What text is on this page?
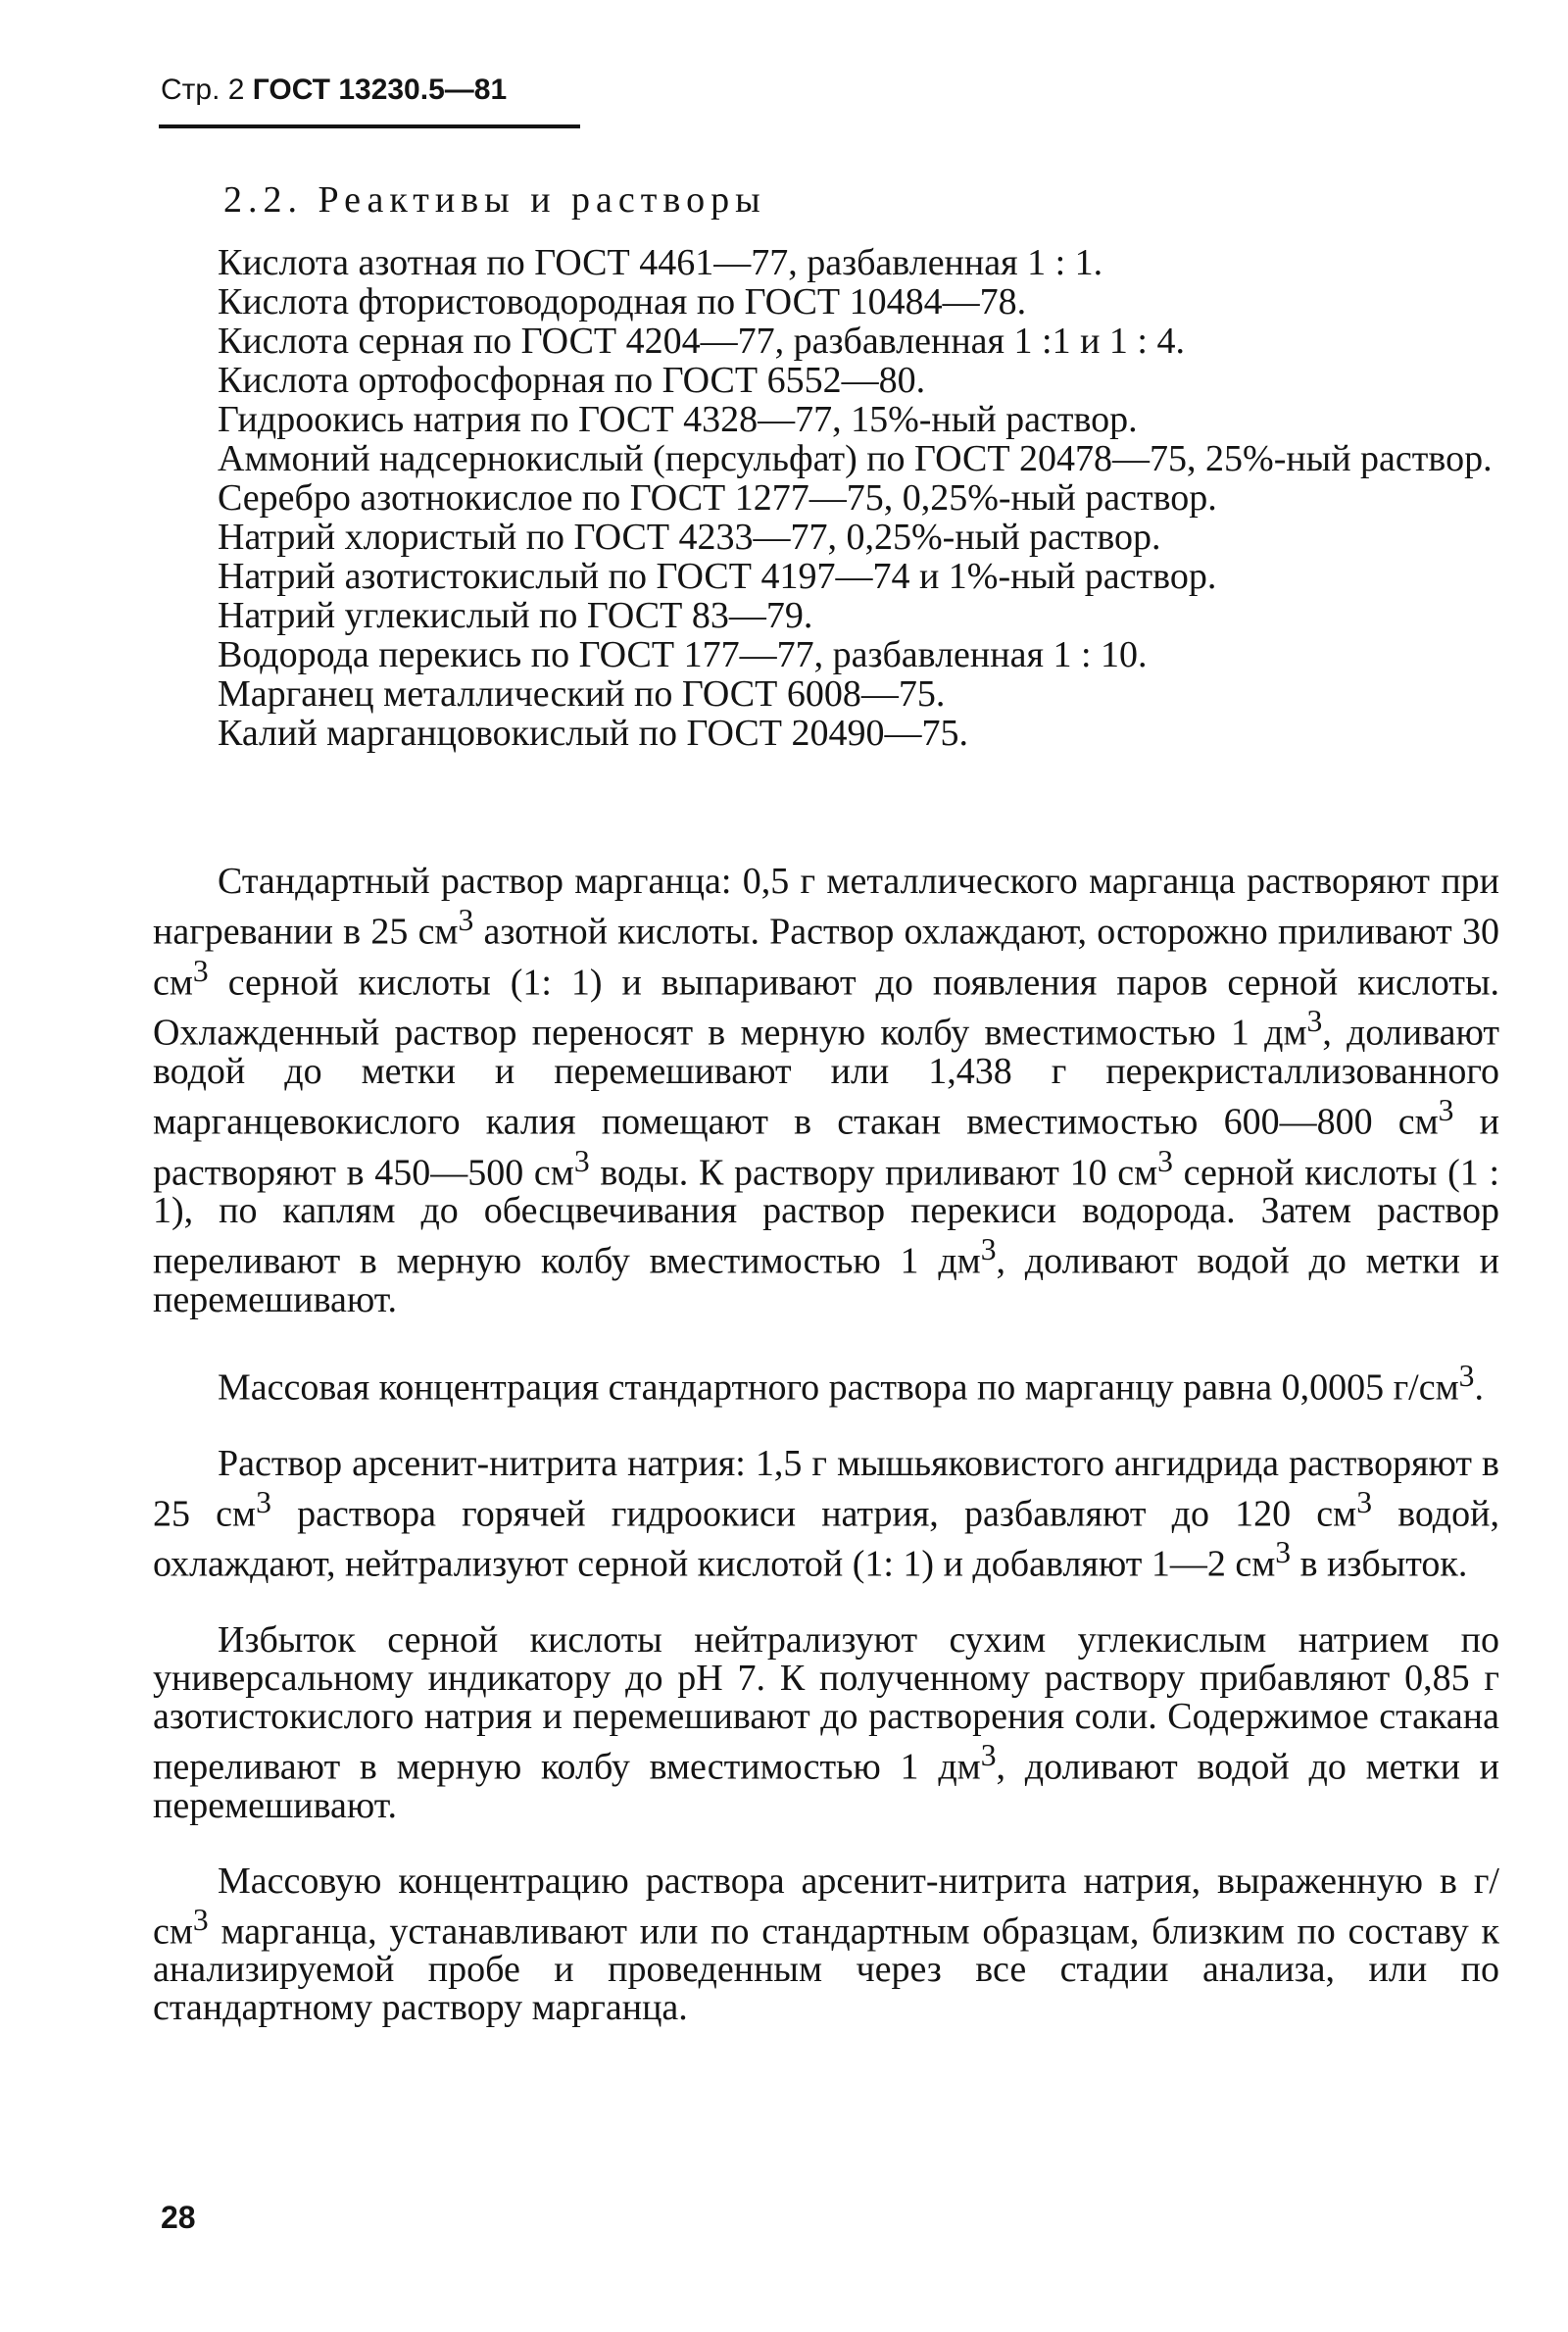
Стр. 2 ГОСТ 13230.5—81
2.2. Реактивы и растворы
Кислота азотная по ГОСТ 4461—77, разбавленная 1 : 1.
Кислота фтористоводородная по ГОСТ 10484—78.
Кислота серная по ГОСТ 4204—77, разбавленная 1 :1 и 1 : 4.
Кислота ортофосфорная по ГОСТ 6552—80.
Гидроокись натрия по ГОСТ 4328—77, 15%-ный раствор.
Аммоний надсернокислый (персульфат) по ГОСТ 20478—75, 25%-ный раствор.
Серебро азотнокислое по ГОСТ 1277—75, 0,25%-ный раствор.
Натрий хлористый по ГОСТ 4233—77, 0,25%-ный раствор.
Натрий азотистокислый по ГОСТ 4197—74 и 1%-ный раствор.
Натрий углекислый по ГОСТ 83—79.
Водорода перекись по ГОСТ 177—77, разбавленная 1 : 10.
Марганец металлический по ГОСТ 6008—75.
Калий марганцовокислый по ГОСТ 20490—75.

Стандартный раствор марганца: 0,5 г металлического марганца растворяют при нагревании в 25 $см^3$ азотной кислоты. Раствор охлаждают, осторожно приливают 30 $см^3$ серной кислоты (1: 1) и выпаривают до появления паров серной кислоты. Охлажденный раствор переносят в мерную колбу вместимостью 1 $дм^3$, доливают водой до метки и перемешивают или 1,438 г перекристаллизованного марганцевокислого калия помещают в стакан вместимостью 600—800 $см^3$ и растворяют в 450—500 $см^3$ воды. К раствору приливают 10 $см^3$ серной кислоты (1 : 1), по каплям до обесцвечивания раствор перекиси водорода. Затем раствор переливают в мерную колбу вместимостью 1 $дм^3$, доливают водой до метки и перемешивают.

Массовая концентрация стандартного раствора по марганцу равна 0,0005 $г/см^3$.

Раствор арсенит-нитрита натрия: 1,5 г мышьяковистого ангидрида растворяют в 25 $см^3$ раствора горячей гидроокиси натрия, разбавляют до 120 $см^3$ водой, охлаждают, нейтрализуют серной кислотой (1: 1) и добавляют 1—2 $см^3$ в избыток.

Избыток серной кислоты нейтрализуют сухим углекислым натрием по универсальному индикатору до pH 7. К полученному раствору прибавляют 0,85 г азотистокислого натрия и перемешивают до растворения соли. Содержимое стакана переливают в мерную колбу вместимостью 1 $дм^3$, доливают водой до метки и перемешивают.

Массовую концентрацию раствора арсенит-нитрита натрия, выраженную в $г/см^3$ марганца, устанавливают или по стандартным образцам, близким по составу к анализируемой пробе и проведенным через все стадии анализа, или по стандартному раствору марганца.

28
